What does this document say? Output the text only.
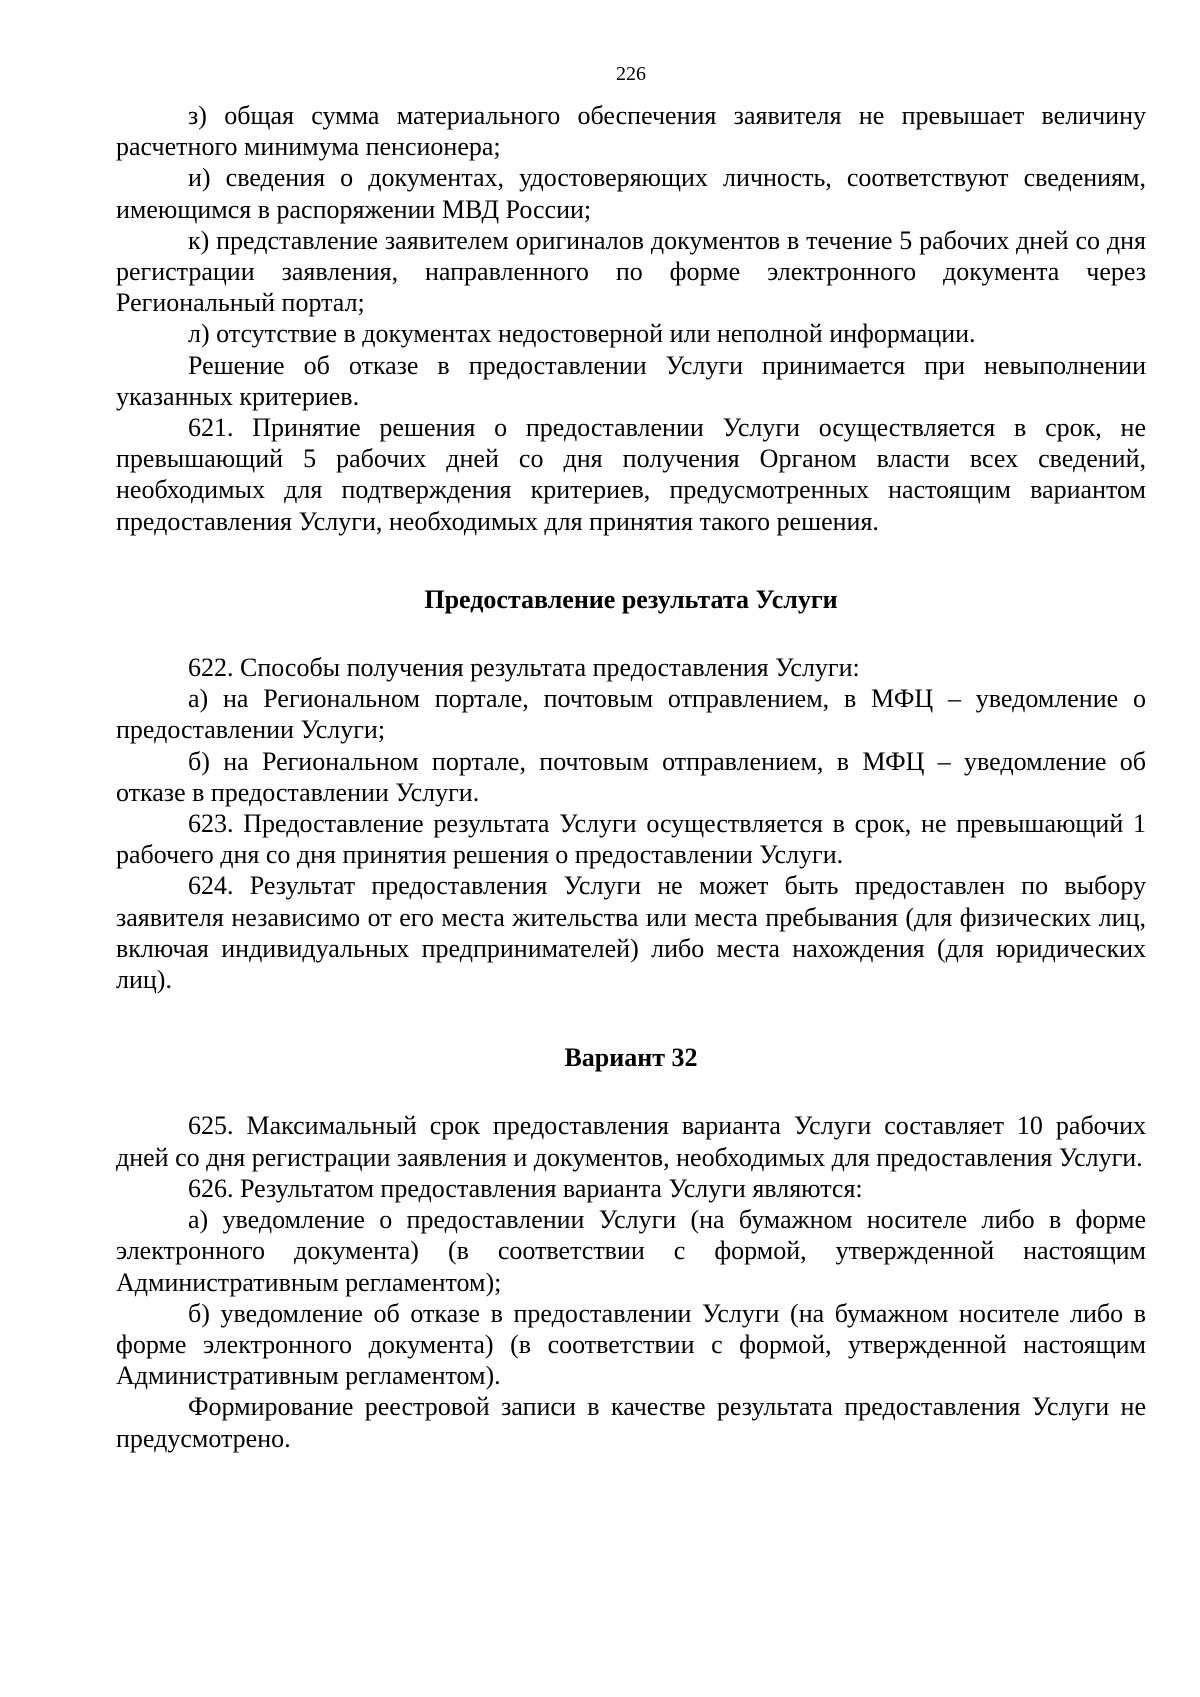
226

з) общая сумма материального обеспечения заявителя не превышает величину расчетного минимума пенсионера;

и) сведения о документах, удостоверяющих личность, соответствуют сведениям, имеющимся в распоряжении МВД России;

к) представление заявителем оригиналов документов в течение 5 рабочих дней со дня регистрации заявления, направленного по форме электронного документа через Региональный портал;

л) отсутствие в документах недостоверной или неполной информации.

Решение об отказе в предоставлении Услуги принимается при невыполнении указанных критериев.

621. Принятие решения о предоставлении Услуги осуществляется в срок, не превышающий 5 рабочих дней со дня получения Органом власти всех сведений, необходимых для подтверждения критериев, предусмотренных настоящим вариантом предоставления Услуги, необходимых для принятия такого решения.

Предоставление результата Услуги

622. Способы получения результата предоставления Услуги:

а) на Региональном портале, почтовым отправлением, в МФЦ – уведомление о предоставлении Услуги;

б) на Региональном портале, почтовым отправлением, в МФЦ – уведомление об отказе в предоставлении Услуги.

623. Предоставление результата Услуги осуществляется в срок, не превышающий 1 рабочего дня со дня принятия решения о предоставлении Услуги.

624. Результат предоставления Услуги не может быть предоставлен по выбору заявителя независимо от его места жительства или места пребывания (для физических лиц, включая индивидуальных предпринимателей) либо места нахождения (для юридических лиц).

Вариант 32

625. Максимальный срок предоставления варианта Услуги составляет 10 рабочих дней со дня регистрации заявления и документов, необходимых для предоставления Услуги.

626. Результатом предоставления варианта Услуги являются:

а) уведомление о предоставлении Услуги (на бумажном носителе либо в форме электронного документа) (в соответствии с формой, утвержденной настоящим Административным регламентом);

б) уведомление об отказе в предоставлении Услуги (на бумажном носителе либо в форме электронного документа) (в соответствии с формой, утвержденной настоящим Административным регламентом).

Формирование реестровой записи в качестве результата предоставления Услуги не предусмотрено.
